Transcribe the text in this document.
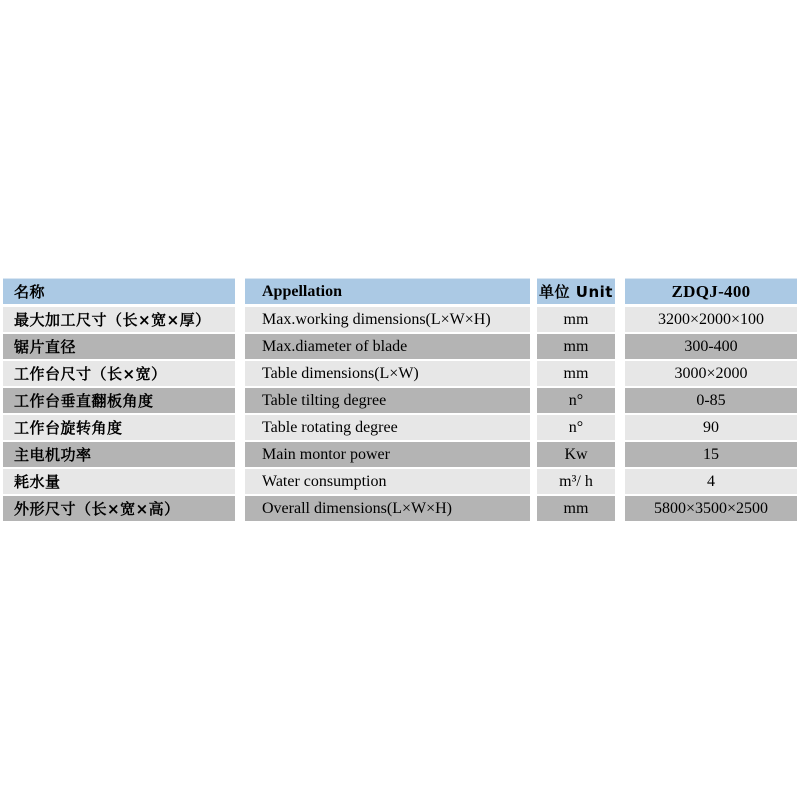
名称	Appellation	单位 Unit	ZDQJ-400
最大加工尺寸（长×宽×厚）	Max.working dimensions(L×W×H)	mm	3200×2000×100
锯片直径	Max.diameter of blade	mm	300-400
工作台尺寸（长×宽）	Table dimensions(L×W)	mm	3000×2000
工作台垂直翻板角度	Table tilting degree	n°	0-85
工作台旋转角度	Table rotating degree	n°	90
主电机功率	Main montor power	Kw	15
耗水量	Water consumption	m³/ h	4
外形尺寸（长×宽×高）	Overall dimensions(L×W×H)	mm	5800×3500×2500
